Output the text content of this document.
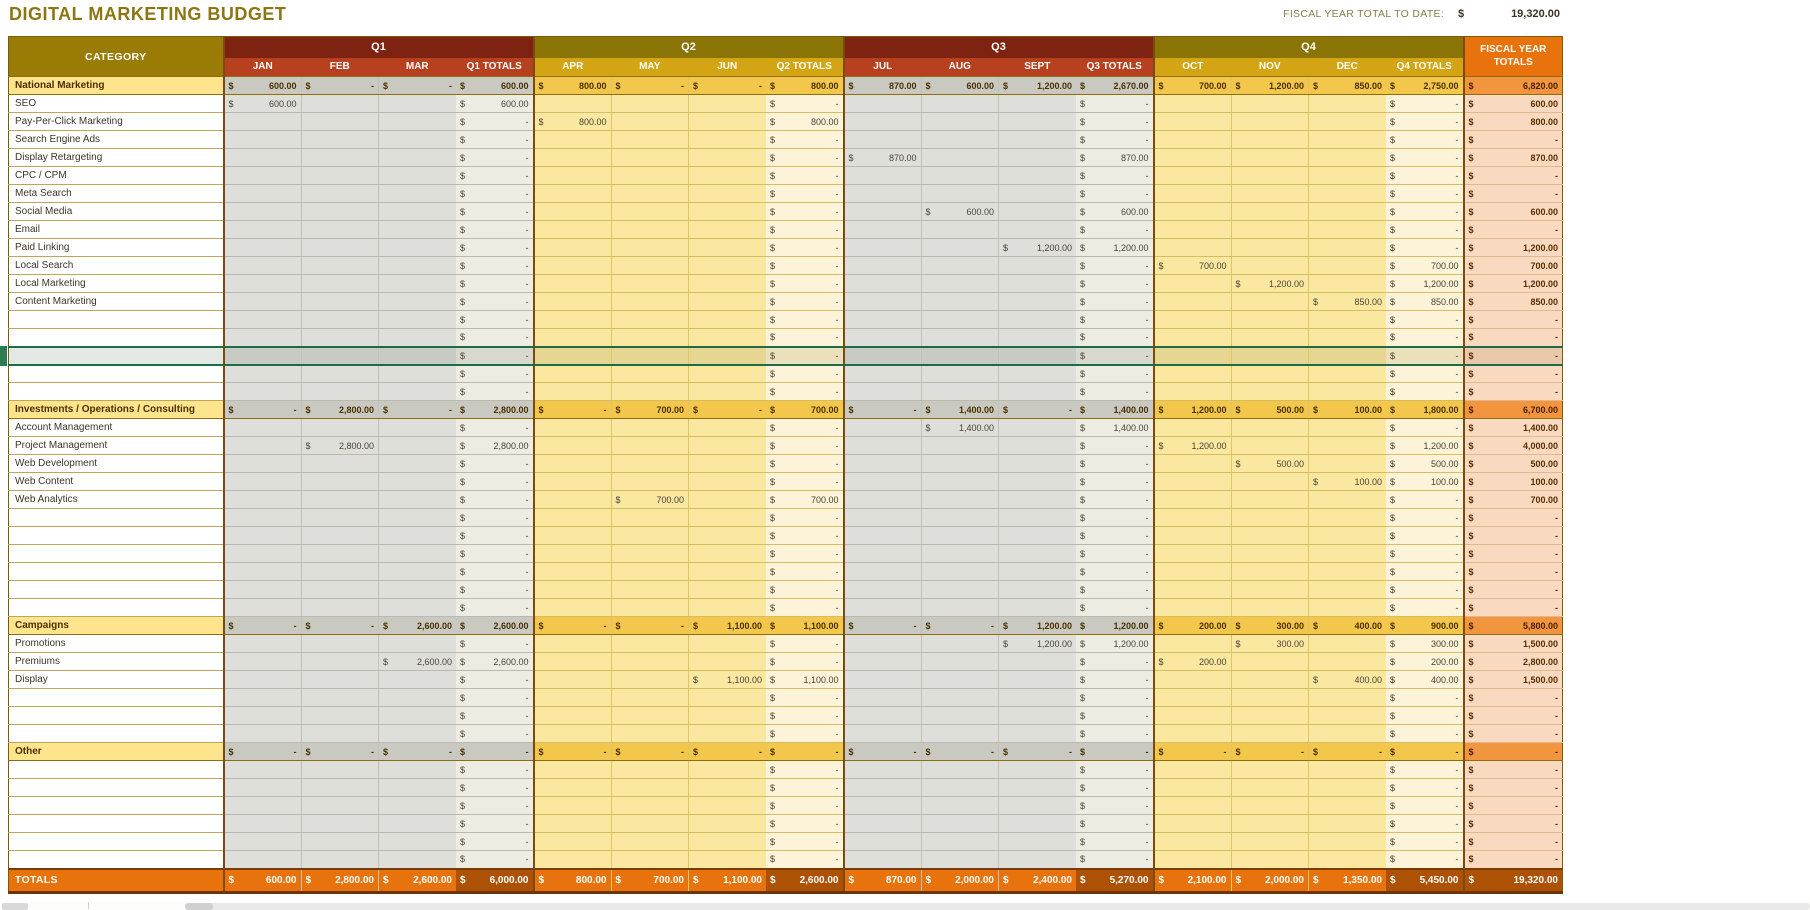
DIGITAL MARKETING BUDGET	FISCAL YEAR TOTAL TO DATE: $	19,320.00
CATEGORY	Q1				Q2				Q3				Q4				FISCAL YEAR TOTALS
	JAN	FEB	MAR	Q1 TOTALS	APR	MAY	JUN	Q2 TOTALS	JUL	AUG	SEPT	Q3 TOTALS	OCT	NOV	DEC	Q4 TOTALS	
National Marketing	$ 600.00	$ -	$ -	$ 600.00	$ 800.00	$ -	$ -	$ 800.00	$ 870.00	$ 600.00	$ 1,200.00	$ 2,670.00	$ 700.00	$ 1,200.00	$ 850.00	$ 2,750.00	$ 6,820.00

SEO	$ 600.00			$ 600.00				$ -				$ -				$ -	$ 600.00

Pay-Per-Click Marketing				$ -	$ 800.00			$ 800.00				$ -				$ -	$ 800.00

Search Engine Ads				$ -				$ -				$ -				$ -	$ -

Display Retargeting				$ -				$ -	$ 870.00			$ 870.00				$ -	$ 870.00

CPC / CPM				$ -				$ -				$ -				$ -	$ -

Meta Search				$ -				$ -				$ -				$ -	$ -

Social Media				$ -				$ -		$ 600.00		$ 600.00				$ -	$ 600.00

Email				$ -				$ -				$ -				$ -	$ -

Paid Linking				$ -				$ -			$ 1,200.00	$ 1,200.00				$ -	$ 1,200.00

Local Search				$ -				$ -				$ -	$ 700.00			$ 700.00	$ 700.00

Local Marketing				$ -				$ -				$ -		$ 1,200.00		$ 1,200.00	$ 1,200.00

Content Marketing				$ -				$ -				$ -			$ 850.00	$ 850.00	$ 850.00

				$ -				$ -				$ -				$ -	$ -

				$ -				$ -				$ -				$ -	$ -

				$ -				$ -				$ -				$ -	$ -

				$ -				$ -				$ -				$ -	$ -

				$ -				$ -				$ -				$ -	$ -

Investments / Operations / Consulting	$ -	$ 2,800.00	$ -	$ 2,800.00	$ -	$ 700.00	$ -	$ 700.00	$ -	$ 1,400.00	$ -	$ 1,400.00	$ 1,200.00	$ 500.00	$ 100.00	$ 1,800.00	$ 6,700.00

Account Management				$ -				$ -		$ 1,400.00		$ 1,400.00				$ -	$ 1,400.00

Project Management		$ 2,800.00		$ 2,800.00				$ -				$ -	$ 1,200.00			$ 1,200.00	$ 4,000.00

Web Development				$ -				$ -				$ -		$ 500.00		$ 500.00	$ 500.00

Web Content				$ -				$ -				$ -			$ 100.00	$ 100.00	$ 100.00

Web Analytics				$ -		$ 700.00		$ 700.00				$ -				$ -	$ 700.00

				$ -				$ -				$ -				$ -	$ -

				$ -				$ -				$ -				$ -	$ -

				$ -				$ -				$ -				$ -	$ -

				$ -				$ -				$ -				$ -	$ -

				$ -				$ -				$ -				$ -	$ -

				$ -				$ -				$ -				$ -	$ -

Campaigns	$ -	$ -	$ 2,600.00	$ 2,600.00	$ -	$ -	$ 1,100.00	$ 1,100.00	$ -	$ -	$ 1,200.00	$ 1,200.00	$ 200.00	$ 300.00	$ 400.00	$ 900.00	$ 5,800.00

Promotions				$ -				$ -			$ 1,200.00	$ 1,200.00		$ 300.00		$ 300.00	$ 1,500.00

Premiums			$ 2,600.00	$ 2,600.00				$ -				$ -	$ 200.00			$ 200.00	$ 2,800.00

Display				$ -			$ 1,100.00	$ 1,100.00				$ -			$ 400.00	$ 400.00	$ 1,500.00

				$ -				$ -				$ -				$ -	$ -

				$ -				$ -				$ -				$ -	$ -

				$ -				$ -				$ -				$ -	$ -

Other	$ -	$ -	$ -	$ -	$ -	$ -	$ -	$ -	$ -	$ -	$ -	$ -	$ -	$ -	$ -	$ -	$ -

				$ -				$ -				$ -				$ -	$ -

				$ -				$ -				$ -				$ -	$ -

				$ -				$ -				$ -				$ -	$ -

				$ -				$ -				$ -				$ -	$ -

				$ -				$ -				$ -				$ -	$ -

				$ -				$ -				$ -				$ -	$ -

TOTALS	$ 600.00	$ 2,800.00	$ 2,600.00	$ 6,000.00	$ 800.00	$ 700.00	$ 1,100.00	$ 2,600.00	$ 870.00	$ 2,000.00	$ 2,400.00	$ 5,270.00	$ 2,100.00	$ 2,000.00	$ 1,350.00	$ 5,450.00	$ 19,320.00
